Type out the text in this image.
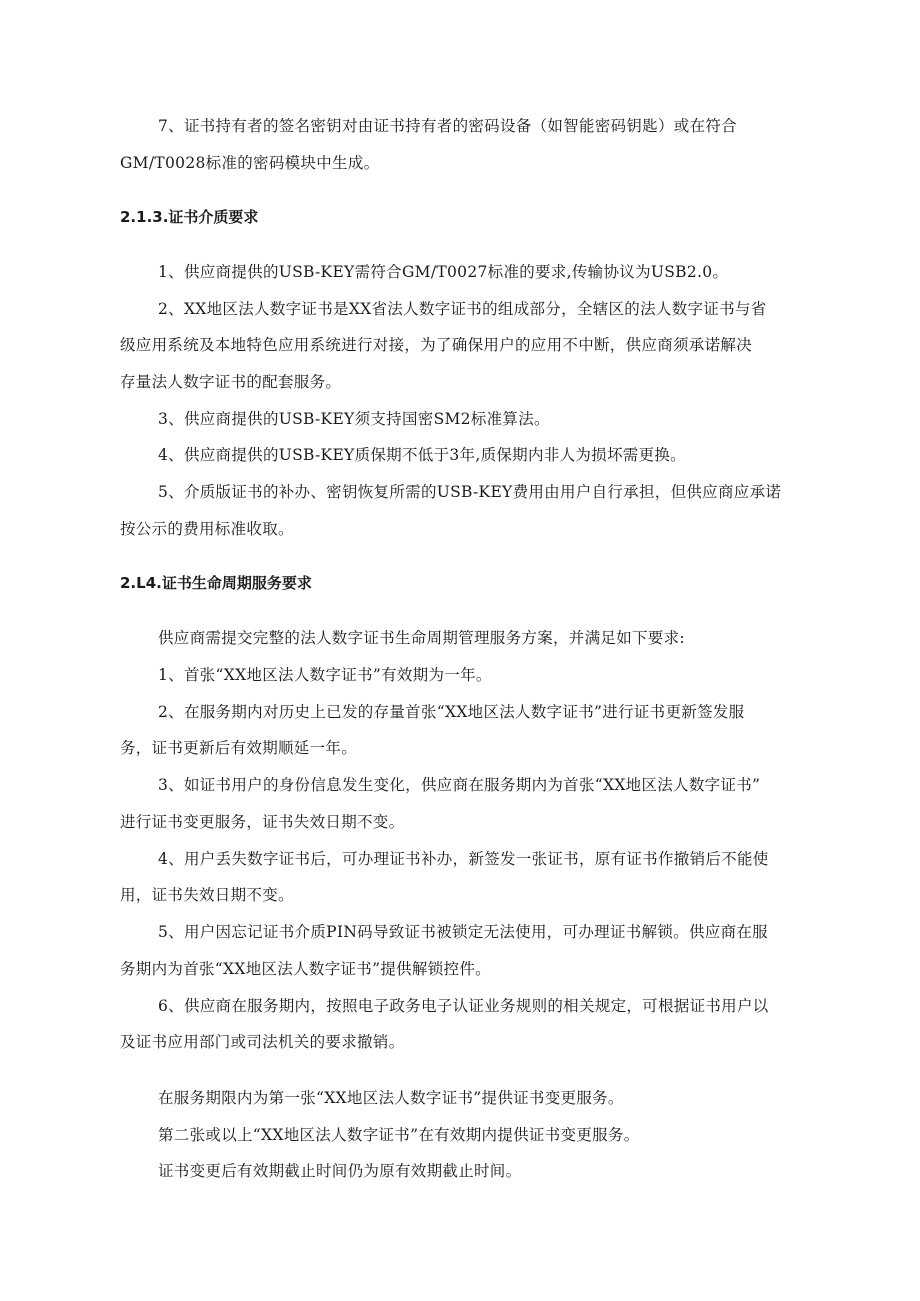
7、证书持有者的签名密钥对由证书持有者的密码设备（如智能密码钥匙）或在符合
GM/T0028标准的密码模块中生成。
2.1.3.证书介质要求
1、供应商提供的USB-KEY需符合GM/T0027标准的要求,传输协议为USB2.0。
2、XX地区法人数字证书是XX省法人数字证书的组成部分，全辖区的法人数字证书与省
级应用系统及本地特色应用系统进行对接，为了确保用户的应用不中断，供应商须承诺解决
存量法人数字证书的配套服务。
3、供应商提供的USB-KEY须支持国密SM2标准算法。
4、供应商提供的USB-KEY质保期不低于3年,质保期内非人为损坏需更换。
5、介质版证书的补办、密钥恢复所需的USB-KEY费用由用户自行承担，但供应商应承诺
按公示的费用标准收取。
2.L4.证书生命周期服务要求
供应商需提交完整的法人数字证书生命周期管理服务方案，并满足如下要求:
1、首张“XX地区法人数字证书”有效期为一年。
2、在服务期内对历史上已发的存量首张“XX地区法人数字证书”进行证书更新签发服
务，证书更新后有效期顺延一年。
3、如证书用户的身份信息发生变化，供应商在服务期内为首张“XX地区法人数字证书”
进行证书变更服务，证书失效日期不变。
4、用户丢失数字证书后，可办理证书补办，新签发一张证书，原有证书作撤销后不能使
用，证书失效日期不变。
5、用户因忘记证书介质PIN码导致证书被锁定无法使用，可办理证书解锁。供应商在服
务期内为首张“XX地区法人数字证书”提供解锁控件。
6、供应商在服务期内，按照电子政务电子认证业务规则的相关规定，可根据证书用户以
及证书应用部门或司法机关的要求撤销。
在服务期限内为第一张“XX地区法人数字证书”提供证书变更服务。
第二张或以上“XX地区法人数字证书”在有效期内提供证书变更服务。
证书变更后有效期截止时间仍为原有效期截止时间。
